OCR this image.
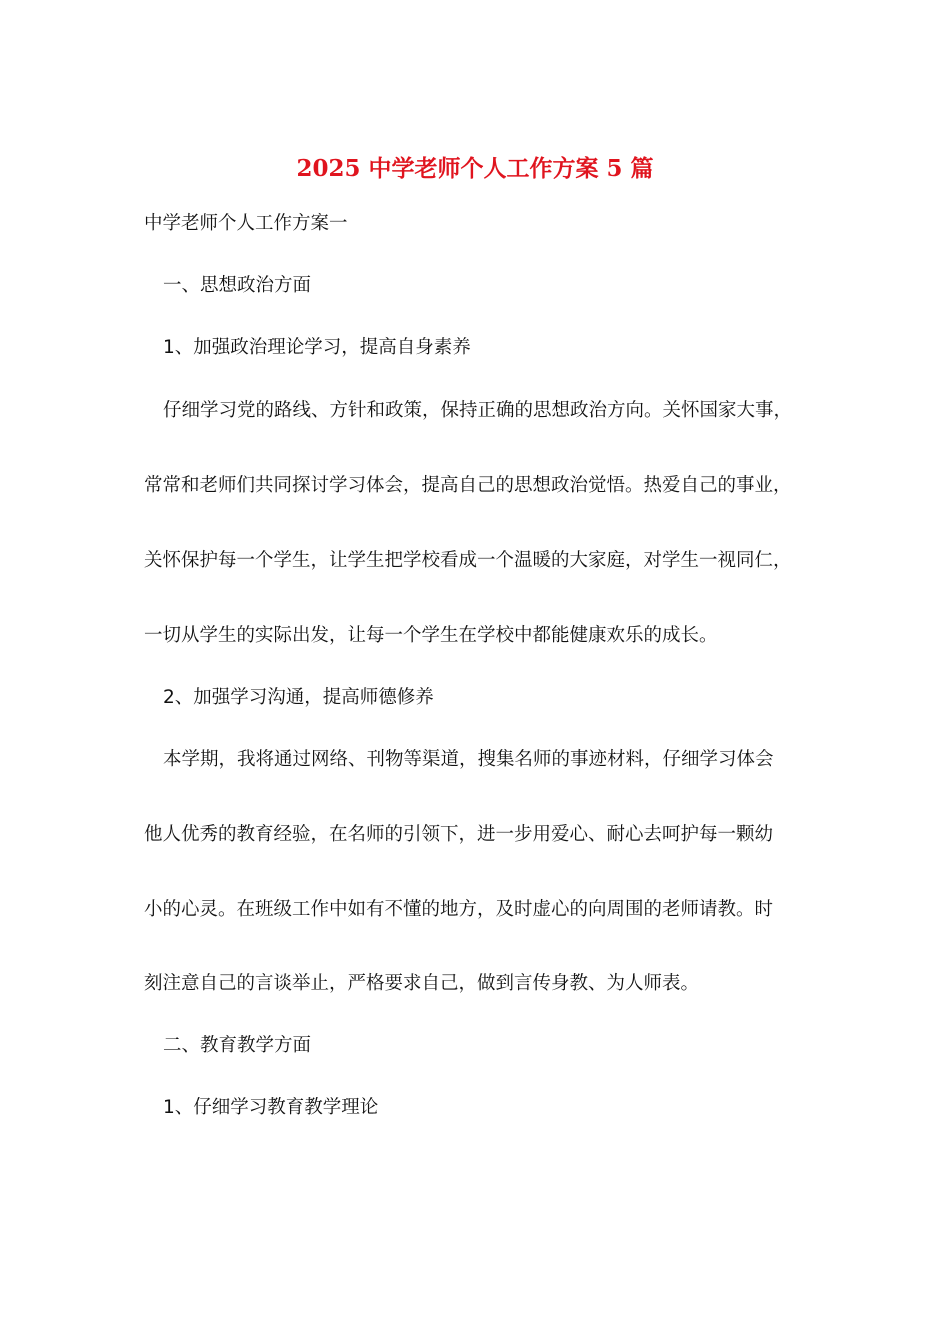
2025 中学老师个人工作方案 5 篇
中学老师个人工作方案一
一、思想政治方面
1、加强政治理论学习，提高自身素养
仔细学习党的路线、方针和政策，保持正确的思想政治方向。关怀国家大事，
常常和老师们共同探讨学习体会，提高自己的思想政治觉悟。热爱自己的事业，
关怀保护每一个学生，让学生把学校看成一个温暖的大家庭，对学生一视同仁，
一切从学生的实际出发，让每一个学生在学校中都能健康欢乐的成长。
2、加强学习沟通，提高师德修养
本学期，我将通过网络、刊物等渠道，搜集名师的事迹材料，仔细学习体会
他人优秀的教育经验，在名师的引领下，进一步用爱心、耐心去呵护每一颗幼
小的心灵。在班级工作中如有不懂的地方，及时虚心的向周围的老师请教。时
刻注意自己的言谈举止，严格要求自己，做到言传身教、为人师表。
二、教育教学方面
1、仔细学习教育教学理论
